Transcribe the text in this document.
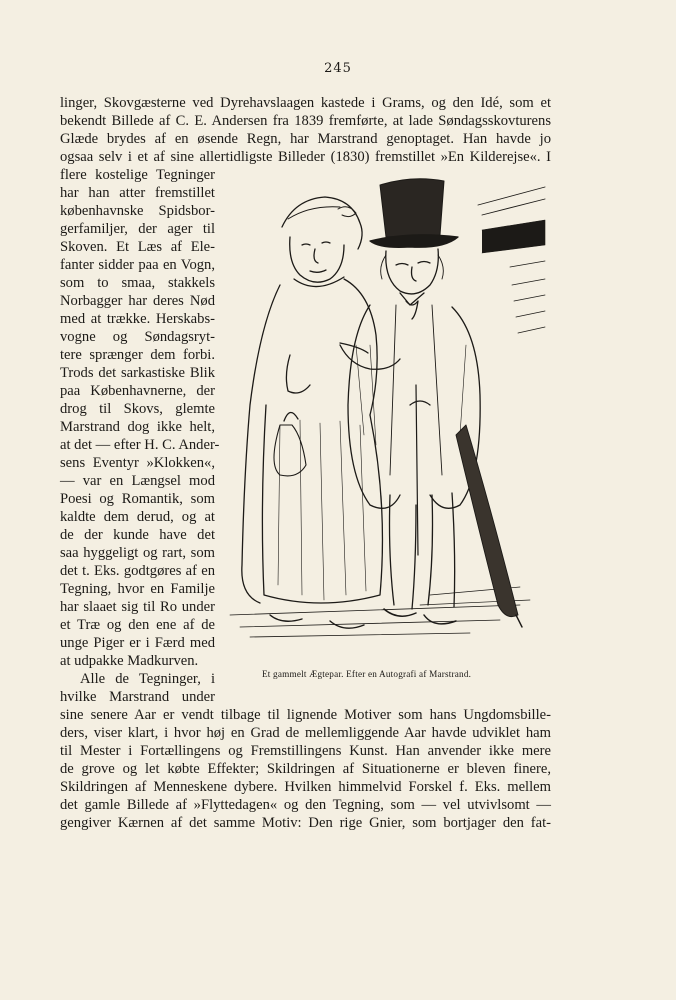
245
linger, Skovgæsterne ved Dyrehavslaagen kastede i Grams, og den Idé, som et
bekendt Billede af C. E. Andersen fra 1839 fremførte, at lade Søndagsskovturens
Glæde brydes af en øsende Regn, har Marstrand genoptaget. Han havde jo
ogsaa selv i et af sine allertidligste Billeder (1830) fremstillet »En Kilderejse«. I
flere kostelige Tegninger
har han atter fremstillet
københavnske Spidsbor-
gerfamiljer, der ager til
Skoven. Et Læs af Ele-
fanter sidder paa en Vogn,
som to smaa, stakkels
Norbagger har deres Nød
med at trække. Herskabs-
vogne og Søndagsryt-
tere sprænger dem forbi.
Trods det sarkastiske Blik
paa Københavnerne, der
drog til Skovs, glemte
Marstrand dog ikke helt,
at det — efter H. C. Ander-
sens Eventyr »Klokken«,
— var en Længsel mod
Poesi og Romantik, som
kaldte dem derud, og at
de der kunde have det
saa hyggeligt og rart, som
det t. Eks. godtgøres af en
Tegning, hvor en Familje
har slaaet sig til Ro under
et Træ og den ene af de
unge Piger er i Færd med
at udpakke Madkurven.
Alle de Tegninger, i
hvilke Marstrand under
Et gammelt Ægtepar. Efter en Autografi af Marstrand.
sine senere Aar er vendt tilbage til lignende Motiver som hans Ungdomsbille-
ders, viser klart, i hvor høj en Grad de mellemliggende Aar havde udviklet ham
til Mester i Fortællingens og Fremstillingens Kunst. Han anvender ikke mere
de grove og let købte Effekter; Skildringen af Situationerne er bleven finere,
Skildringen af Menneskene dybere. Hvilken himmelvid Forskel f. Eks. mellem
det gamle Billede af »Flyttedagen« og den Tegning, som — vel utvivlsomt —
gengiver Kærnen af det samme Motiv: Den rige Gnier, som bortjager den fat-
